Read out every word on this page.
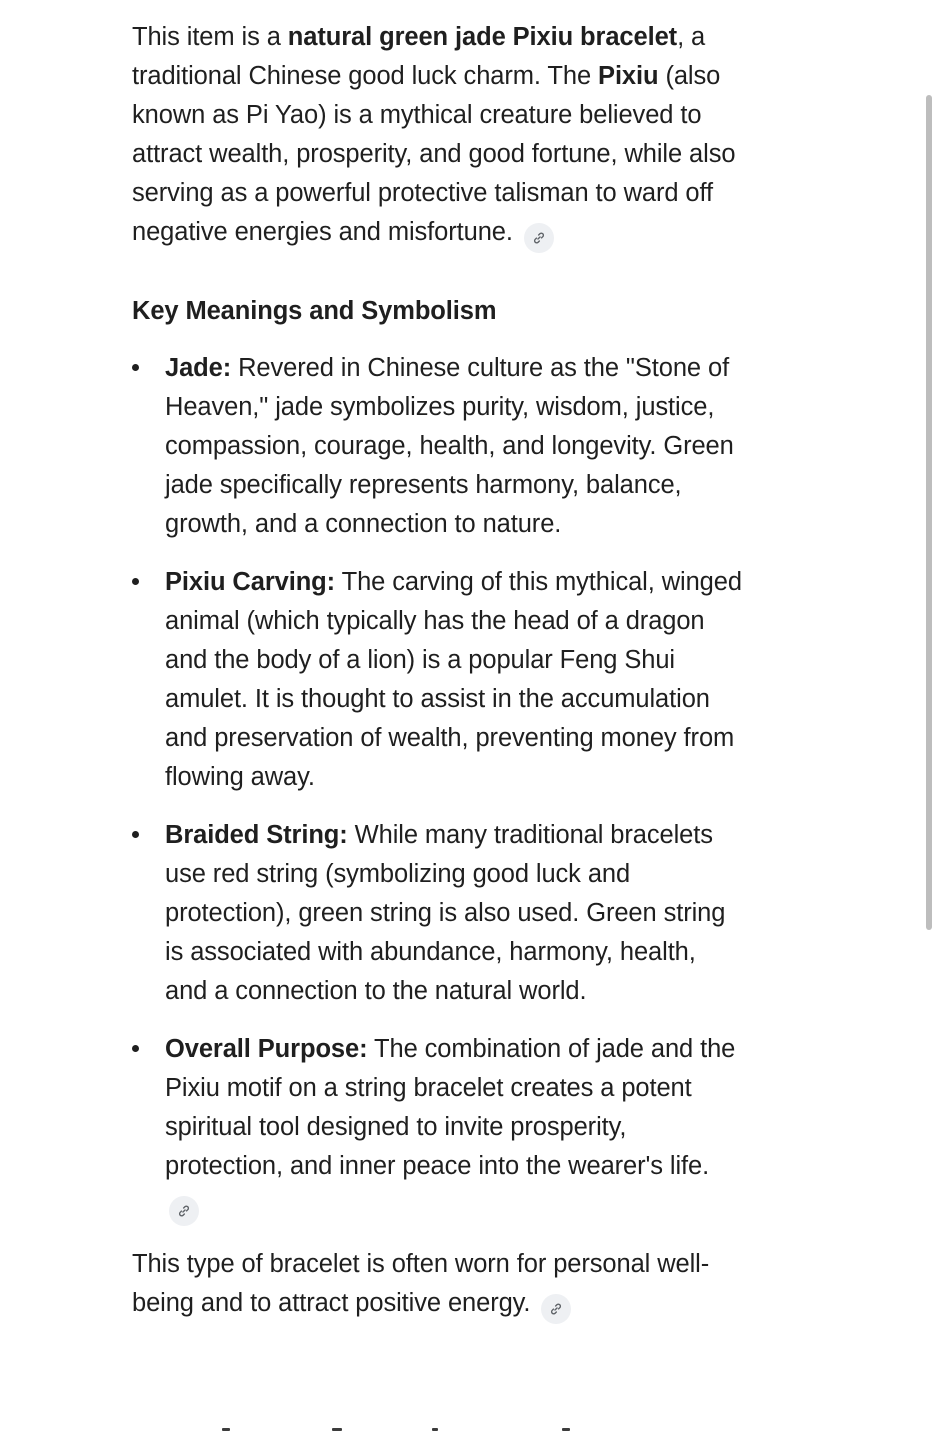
This item is a natural green jade Pixiu bracelet, a traditional Chinese good luck charm. The Pixiu (also known as Pi Yao) is a mythical creature believed to attract wealth, prosperity, and good fortune, while also serving as a powerful protective talisman to ward off negative energies and misfortune.

Key Meanings and Symbolism

Jade: Revered in Chinese culture as the "Stone of Heaven," jade symbolizes purity, wisdom, justice, compassion, courage, health, and longevity. Green jade specifically represents harmony, balance, growth, and a connection to nature.
Pixiu Carving: The carving of this mythical, winged animal (which typically has the head of a dragon and the body of a lion) is a popular Feng Shui amulet. It is thought to assist in the accumulation and preservation of wealth, preventing money from flowing away.
Braided String: While many traditional bracelets use red string (symbolizing good luck and protection), green string is also used. Green string is associated with abundance, harmony, health, and a connection to the natural world.
Overall Purpose: The combination of jade and the Pixiu motif on a string bracelet creates a potent spiritual tool designed to invite prosperity, protection, and inner peace into the wearer's life.

This type of bracelet is often worn for personal well-being and to attract positive energy.
